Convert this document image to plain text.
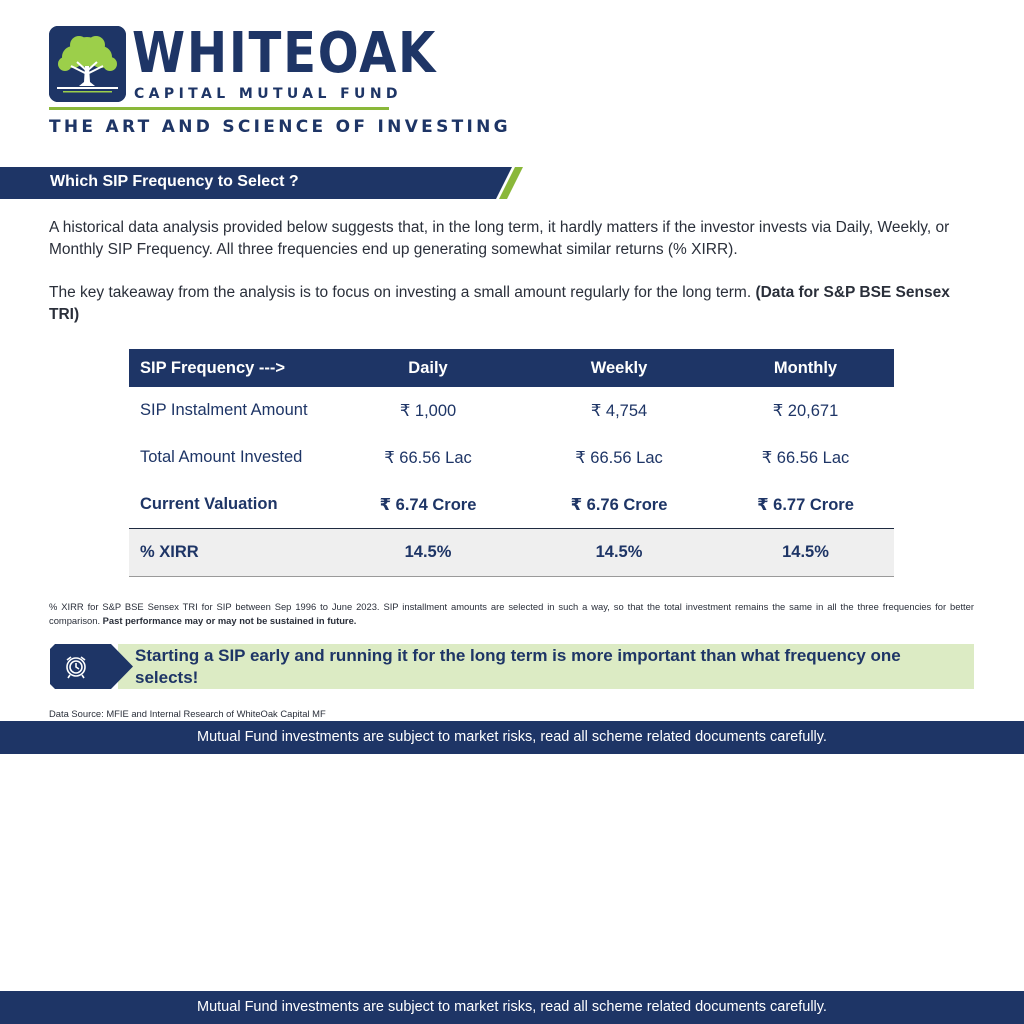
WHITEOAK
CAPITAL MUTUAL FUND
THE ART AND SCIENCE OF INVESTING
Which SIP Frequency to Select ?
A historical data analysis provided below suggests that, in the long term, it hardly matters if the investor invests via Daily, Weekly, or Monthly SIP Frequency. All three frequencies end up generating somewhat similar returns (% XIRR).
The key takeaway from the analysis is to focus on investing a small amount regularly for the long term. (Data for S&P BSE Sensex TRI)
SIP Frequency --->	Daily	Weekly	Monthly
SIP Instalment Amount	₹ 1,000	₹ 4,754	₹ 20,671
Total Amount Invested	₹ 66.56 Lac	₹ 66.56 Lac	₹ 66.56 Lac
Current Valuation	₹ 6.74 Crore	₹ 6.76 Crore	₹ 6.77 Crore
% XIRR	14.5%	14.5%	14.5%
% XIRR for S&P BSE Sensex TRI for SIP between Sep 1996 to June 2023. SIP installment amounts are selected in such a way, so that the total investment remains the same in all the three frequencies for better comparison. Past performance may or may not be sustained in future.
Starting a SIP early and running it for the long term is more important than what frequency one selects!
Data Source: MFIE and Internal Research of WhiteOak Capital MF
Mutual Fund investments are subject to market risks, read all scheme related documents carefully.
Mutual Fund investments are subject to market risks, read all scheme related documents carefully.
